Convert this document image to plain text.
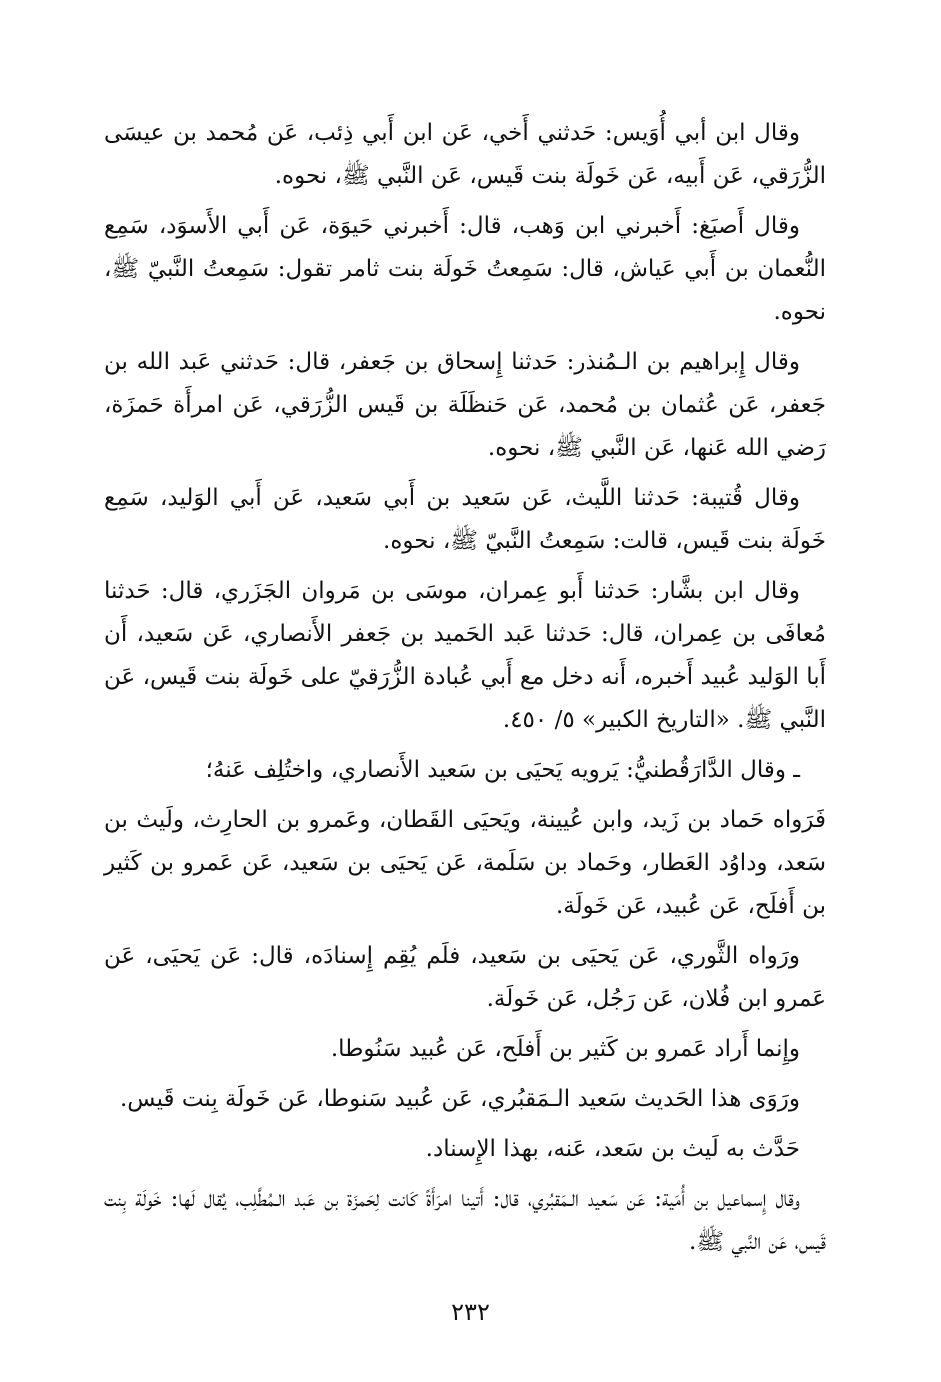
وقال ابن أبي أُوَيس: حَدثني أَخي، عَن ابن أَبي ذِئب، عَن مُحمد بن عيسَى الزُّرَقي، عَن أَبيه، عَن خَولَة بنت قَيس، عَن النَّبي ﷺ، نحوه.

وقال أَصبَغ: أَخبرني ابن وَهب، قال: أَخبرني حَيوَة، عَن أَبي الأَسوَد، سَمِع النُّعمان بن أَبي عَياش، قال: سَمِعتُ خَولَة بنت ثامر تقول: سَمِعتُ النَّبيّ ﷺ، نحوه.

وقال إِبراهيم بن الـمُنذر: حَدثنا إِسحاق بن جَعفر، قال: حَدثني عَبد الله بن جَعفر، عَن عُثمان بن مُحمد، عَن حَنظَلَة بن قَيس الزُّرَقي، عَن امرأَة حَمزَة، رَضي الله عَنها، عَن النَّبي ﷺ، نحوه.

وقال قُتيبة: حَدثنا اللَّيث، عَن سَعيد بن أَبي سَعيد، عَن أَبي الوَليد، سَمِع خَولَة بنت قَيس، قالت: سَمِعتُ النَّبيّ ﷺ، نحوه.

وقال ابن بشَّار: حَدثنا أَبو عِمران، موسَى بن مَروان الجَزَري، قال: حَدثنا مُعافَى بن عِمران، قال: حَدثنا عَبد الحَميد بن جَعفر الأَنصاري، عَن سَعيد، أَن أَبا الوَليد عُبيد أَخبره، أَنه دخل مع أَبي عُبادة الزُّرَقيّ على خَولَة بنت قَيس، عَن النَّبي ﷺ. «التاريخ الكبير» ٥/ ٤٥٠.

ـ وقال الدَّارَقُطنيُّ: يَرويه يَحيَى بن سَعيد الأَنصاري، واختُلِف عَنهُ؛

فَرَواه حَماد بن زَيد، وابن عُيينة، ويَحيَى القَطان، وعَمرو بن الحارِث، ولَيث بن سَعد، وداوُد العَطار، وحَماد بن سَلَمة، عَن يَحيَى بن سَعيد، عَن عَمرو بن كَثير بن أَفلَح، عَن عُبيد، عَن خَولَة.

ورَواه الثَّوري، عَن يَحيَى بن سَعيد، فلَم يُقِم إِسنادَه، قال: عَن يَحيَى، عَن عَمرو ابن فُلان، عَن رَجُل، عَن خَولَة.

وإِنما أَراد عَمرو بن كَثير بن أَفلَح، عَن عُبيد سَنُوطا.

ورَوَى هذا الحَديث سَعيد الـمَقبُري، عَن عُبيد سَنوطا، عَن خَولَة بِنت قَيس.

حَدَّث به لَيث بن سَعد، عَنه، بهذا الإِسناد.

وقال إِسماعيل بن أُمَية: عَن سَعيد الـمَقبُري، قال: أَتينا امرَأَةً كَانت لِحَمزَة بن عَبد الـمُطَّلِب، يُقال لَها: خَولَة بِنت قَيس، عَن النَّبي ﷺ.

٢٣٢
